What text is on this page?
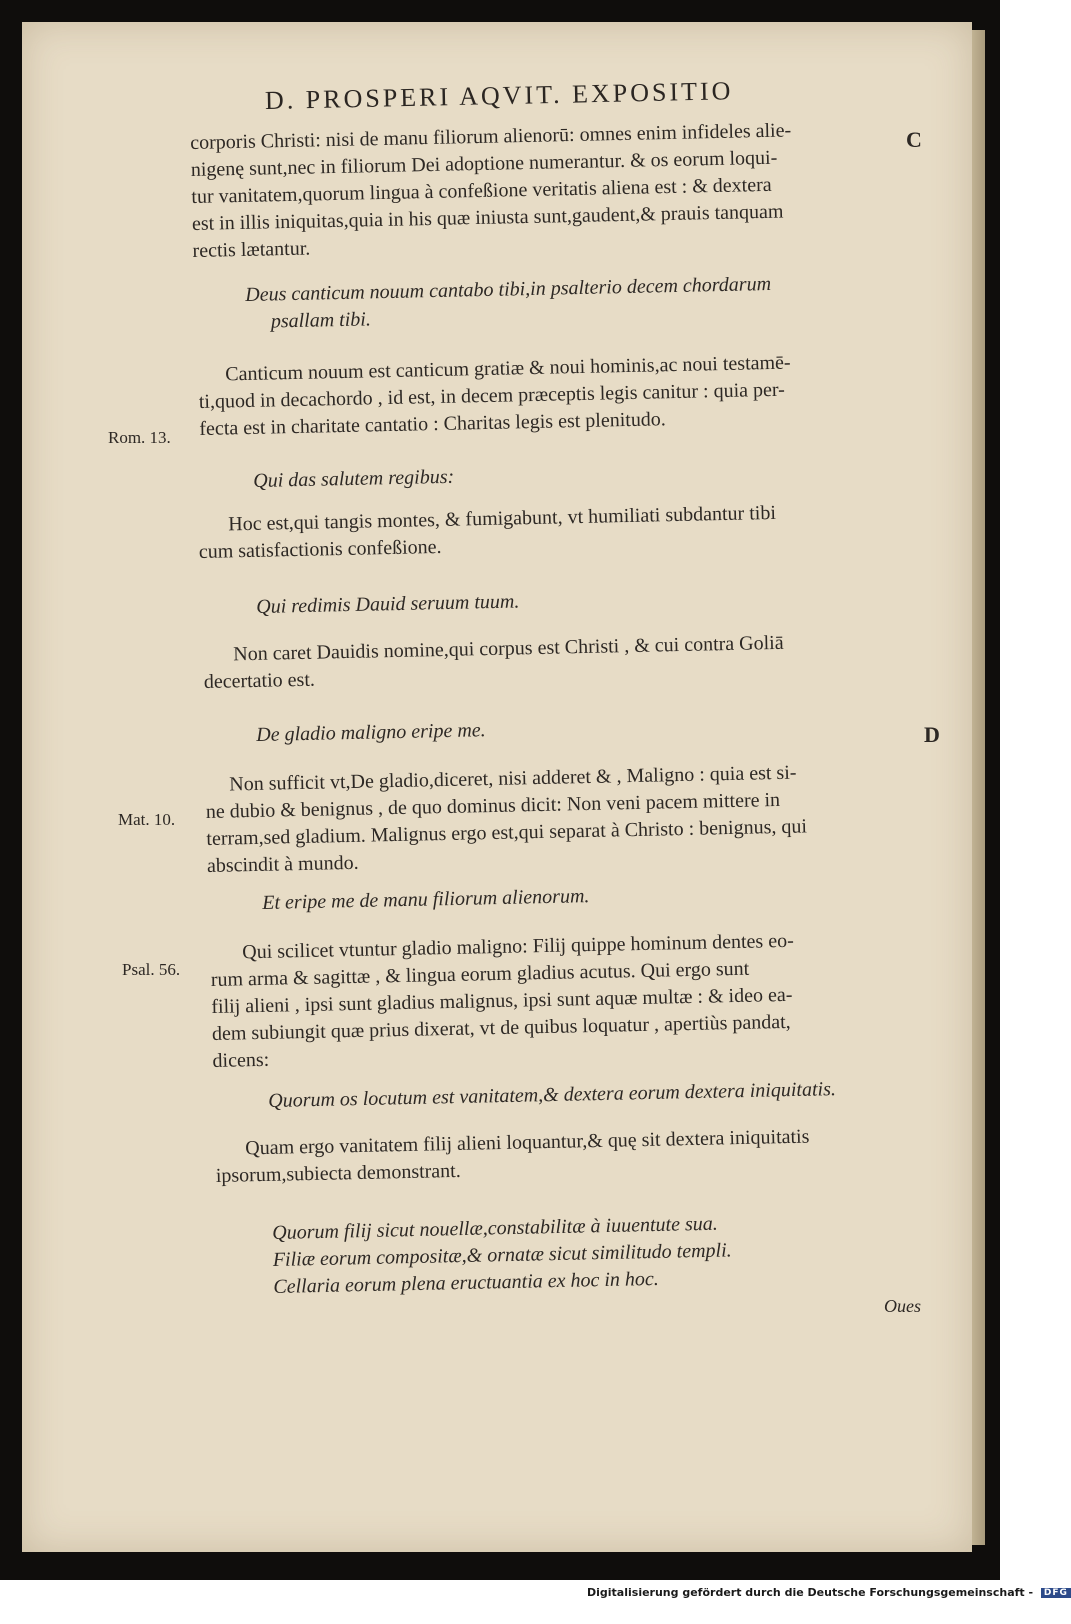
D. PROSPERI AQVIT. EXPOSITIO
C
D
Rom. 13.
Mat. 10.
Psal. 56.
corporis Christi: nisi de manu filiorum alienorū: omnes enim infideles alie-
nigenę sunt,nec in filiorum Dei adoptione numerantur. & os eorum loqui-
tur vanitatem,quorum lingua à confeßione veritatis aliena est : & dextera
est in illis iniquitas,quia in his quæ iniusta sunt,gaudent,& prauis tanquam
rectis lætantur.
Deus canticum nouum cantabo tibi,in psalterio decem chordarum
psallam tibi.
Canticum nouum est canticum gratiæ & noui hominis,ac noui testamē-
ti,quod in decachordo , id est, in decem præceptis legis canitur : quia per-
fecta est in charitate cantatio : Charitas legis est plenitudo.
Qui das salutem regibus:
Hoc est,qui tangis montes, & fumigabunt, vt humiliati subdantur tibi
cum satisfactionis confeßione.
Qui redimis Dauid seruum tuum.
Non caret Dauidis nomine,qui corpus est Christi , & cui contra Goliā
decertatio est.
De gladio maligno eripe me.
Non sufficit vt,De gladio,diceret, nisi adderet & , Maligno : quia est si-
ne dubio & benignus , de quo dominus dicit: Non veni pacem mittere in
terram,sed gladium. Malignus ergo est,qui separat à Christo : benignus, qui
abscindit à mundo.
Et eripe me de manu filiorum alienorum.
Qui scilicet vtuntur gladio maligno: Filij quippe hominum dentes eo-
rum arma & sagittæ , & lingua eorum gladius acutus. Qui ergo sunt
filij alieni , ipsi sunt gladius malignus, ipsi sunt aquæ multæ : & ideo ea-
dem subiungit quæ prius dixerat, vt de quibus loquatur , apertiùs pandat,
dicens:
Quorum os locutum est vanitatem,& dextera eorum dextera iniquitatis.
Quam ergo vanitatem filij alieni loquantur,& quę sit dextera iniquitatis
ipsorum,subiecta demonstrant.
Quorum filij sicut nouellæ,constabilitæ à iuuentute sua.
Filiæ eorum compositæ,& ornatæ sicut similitudo templi.
Cellaria eorum plena eructuantia ex hoc in hoc.
Oues
Digitalisierung gefördert durch die Deutsche Forschungsgemeinschaft - DFG
